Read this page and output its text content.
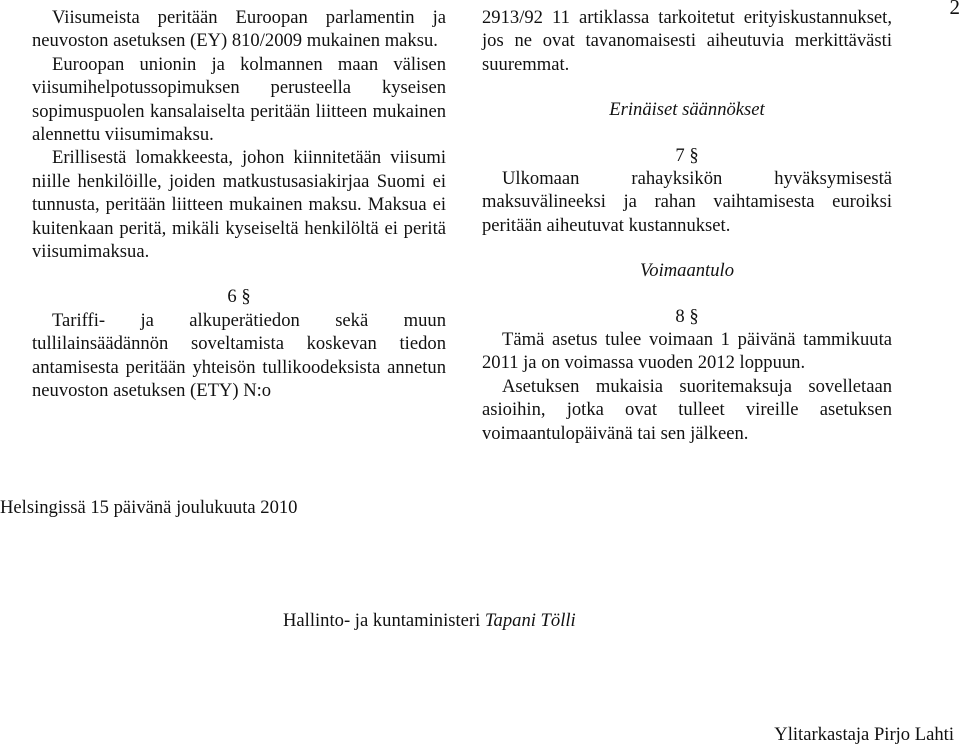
2

Viisumeista peritään Euroopan parlamentin ja neuvoston asetuksen (EY) 810/2009 mukainen maksu.

Euroopan unionin ja kolmannen maan välisen viisumihelpotussopimuksen perusteella kyseisen sopimuspuolen kansalaiselta peritään liitteen mukainen alennettu viisumimaksu.

Erillisestä lomakkeesta, johon kiinnitetään viisumi niille henkilöille, joiden matkustusasiakirjaa Suomi ei tunnusta, peritään liitteen mukainen maksu. Maksua ei kuitenkaan peritä, mikäli kyseiseltä henkilöltä ei peritä viisumimaksua.

6 §

Tariffi- ja alkuperätiedon sekä muun tullilainsäädännön soveltamista koskevan tiedon antamisesta peritään yhteisön tullikoodeksista annetun neuvoston asetuksen (ETY) N:o

2913/92 11 artiklassa tarkoitetut erityiskustannukset, jos ne ovat tavanomaisesti aiheutuvia merkittävästi suuremmat.

Erinäiset säännökset

7 §

Ulkomaan rahayksikön hyväksymisestä maksuvälineeksi ja rahan vaihtamisesta euroiksi peritään aiheutuvat kustannukset.

Voimaantulo

8 §

Tämä asetus tulee voimaan 1 päivänä tammikuuta 2011 ja on voimassa vuoden 2012 loppuun.

Asetuksen mukaisia suoritemaksuja sovelletaan asioihin, jotka ovat tulleet vireille asetuksen voimaantulopäivänä tai sen jälkeen.

Helsingissä 15 päivänä joulukuuta 2010
Hallinto- ja kuntaministeri Tapani Tölli
Ylitarkastaja Pirjo Lahti
